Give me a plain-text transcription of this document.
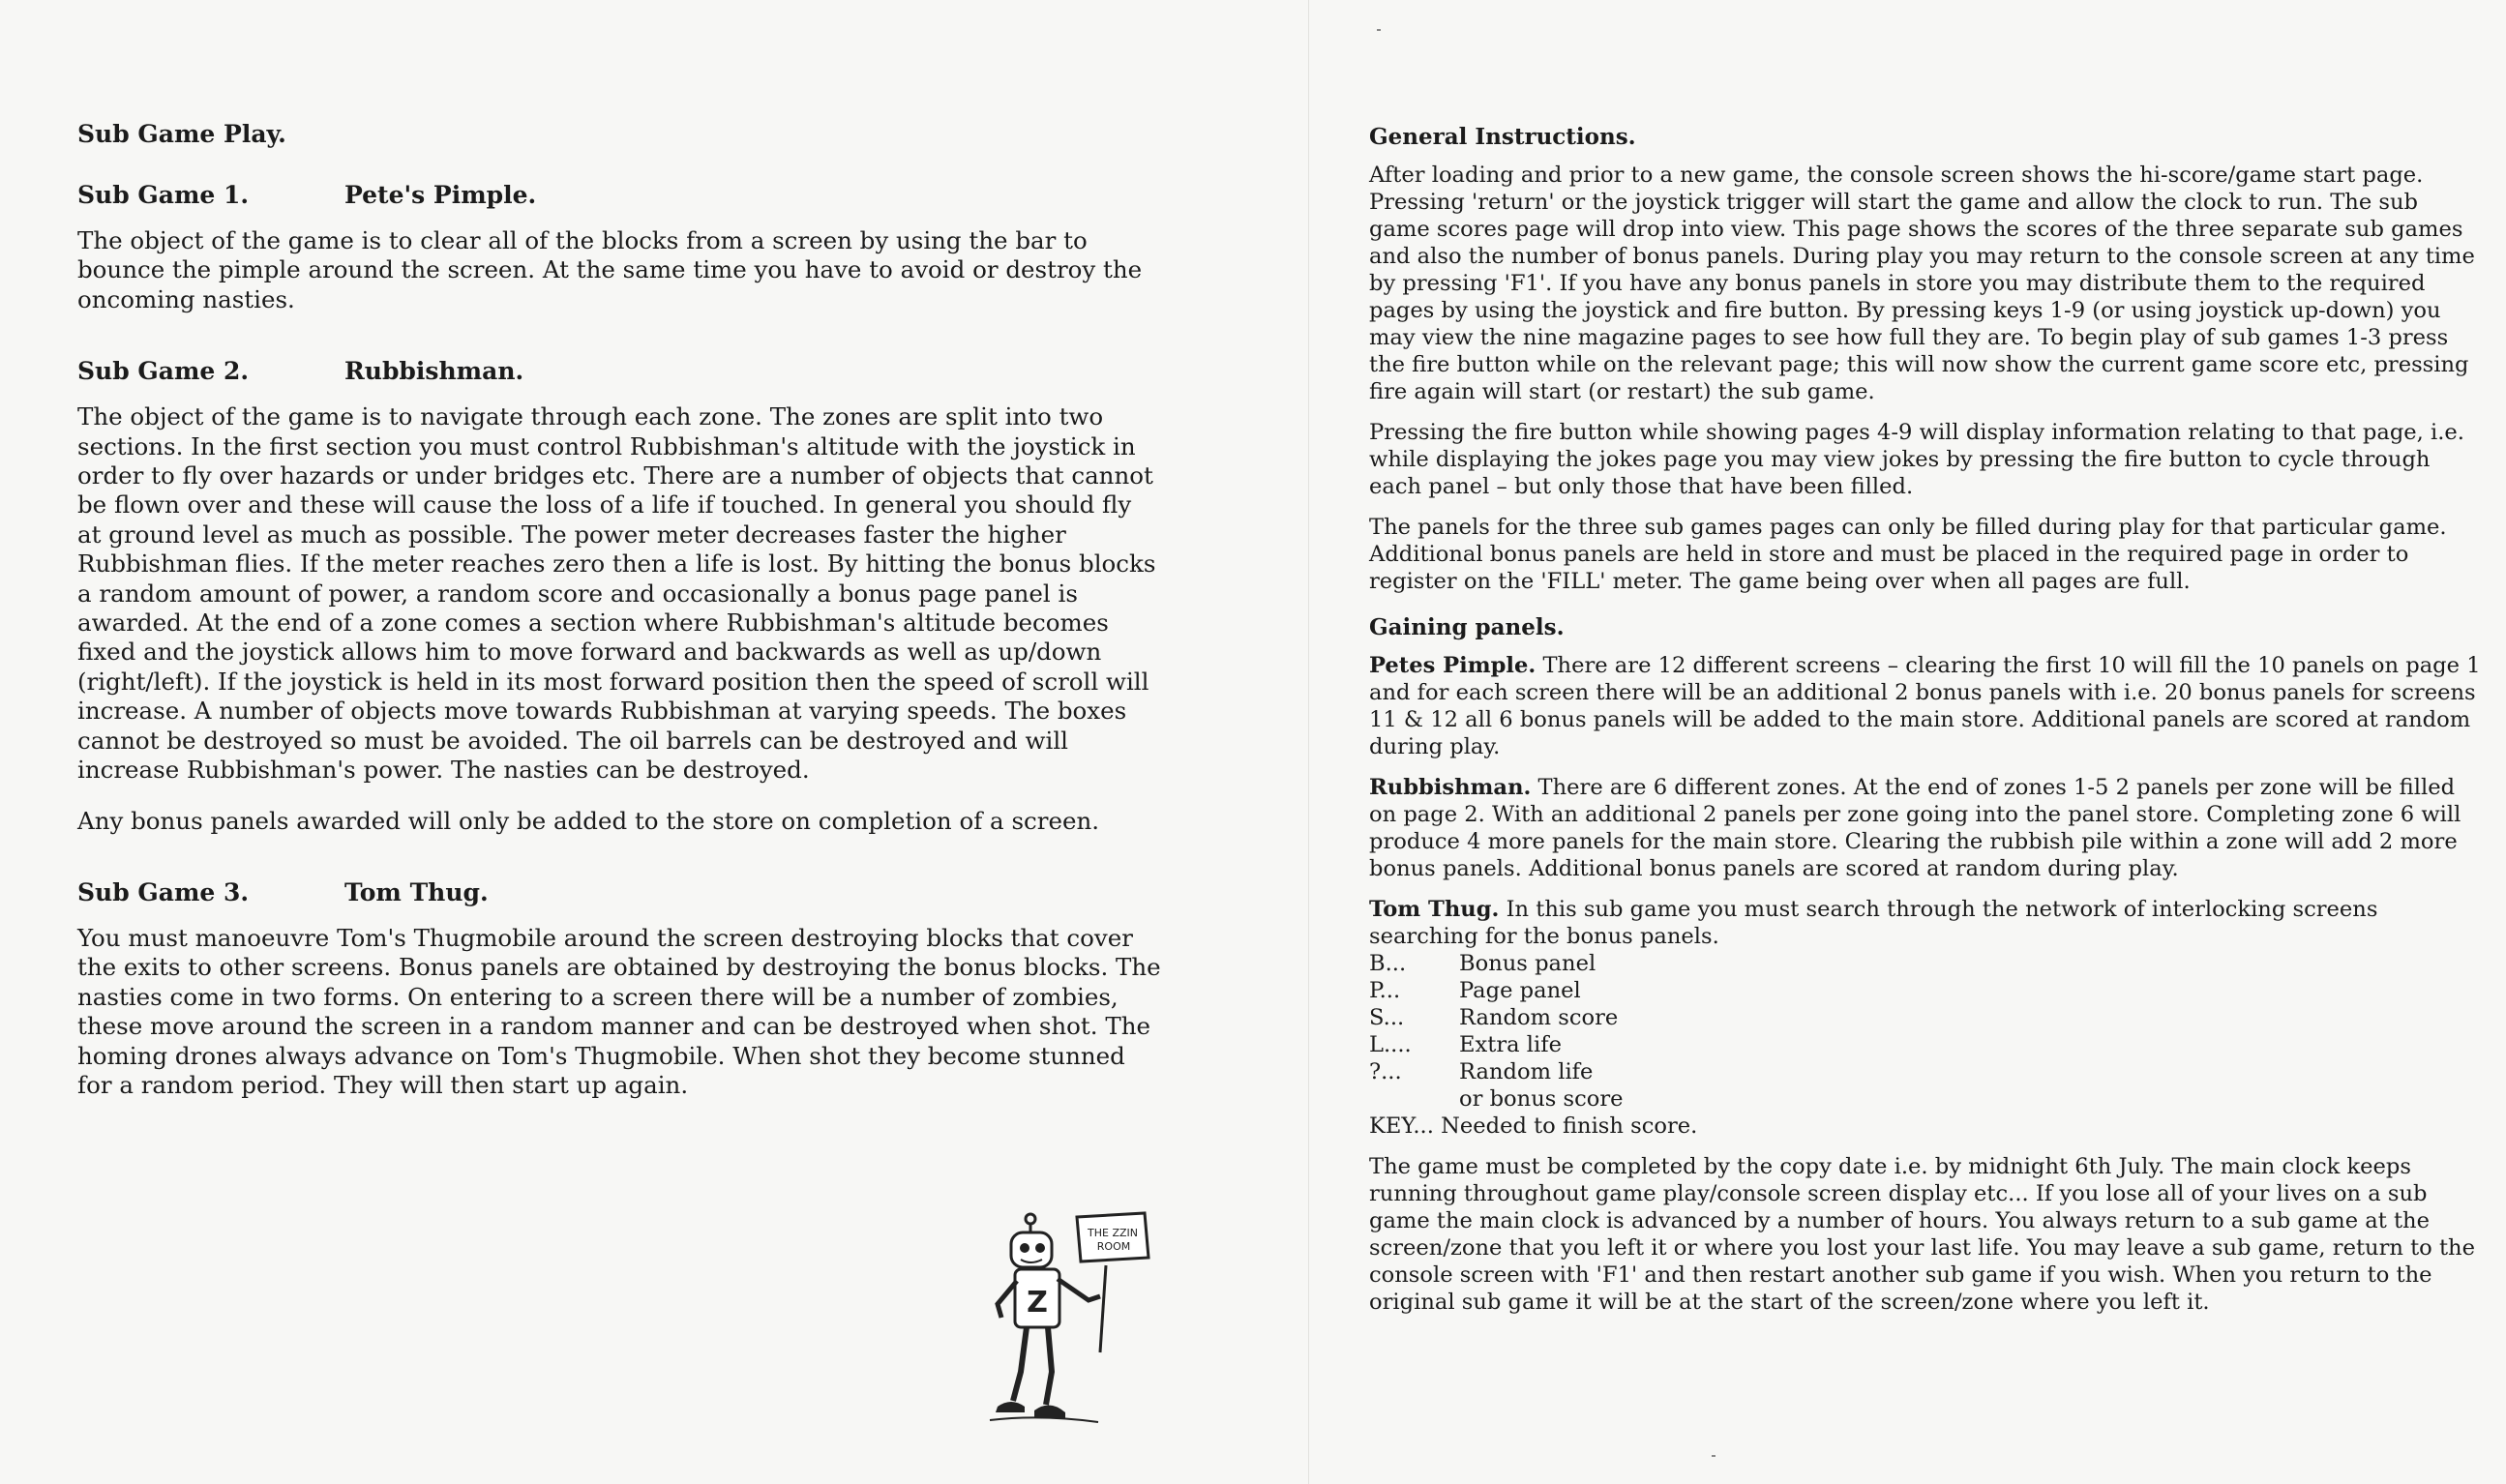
Sub Game Play.
Sub Game 1.	Pete's Pimple.

The object of the game is to clear all of the blocks from a screen by using the bar to bounce the pimple around the screen. At the same time you have to avoid or destroy the oncoming nasties.

Sub Game 2.	Rubbishman.

The object of the game is to navigate through each zone. The zones are split into two sections. In the first section you must control Rubbishman's altitude with the joystick in order to fly over hazards or under bridges etc. There are a number of objects that cannot be flown over and these will cause the loss of a life if touched. In general you should fly at ground level as much as possible. The power meter decreases faster the higher Rubbishman flies. If the meter reaches zero then a life is lost. By hitting the bonus blocks a random amount of power, a random score and occasionally a bonus page panel is awarded. At the end of a zone comes a section where Rubbishman's altitude becomes fixed and the joystick allows him to move forward and backwards as well as up/down (right/left). If the joystick is held in its most forward position then the speed of scroll will increase. A number of objects move towards Rubbishman at varying speeds. The boxes cannot be destroyed so must be avoided. The oil barrels can be destroyed and will increase Rubbishman's power. The nasties can be destroyed.

Any bonus panels awarded will only be added to the store on completion of a screen.

Sub Game 3.	Tom Thug.

You must manoeuvre Tom's Thugmobile around the screen destroying blocks that cover the exits to other screens. Bonus panels are obtained by destroying the bonus blocks. The nasties come in two forms. On entering to a screen there will be a number of zombies, these move around the screen in a random manner and can be destroyed when shot. The homing drones always advance on Tom's Thugmobile. When shot they become stunned for a random period. They will then start up again.

THE ZZIN
ROOM
Z
General Instructions.

After loading and prior to a new game, the console screen shows the hi-score/game start page. Pressing 'return' or the joystick trigger will start the game and allow the clock to run. The sub game scores page will drop into view. This page shows the scores of the three separate sub games and also the number of bonus panels. During play you may return to the console screen at any time by pressing 'F1'. If you have any bonus panels in store you may distribute them to the required pages by using the joystick and fire button. By pressing keys 1-9 (or using joystick up-down) you may view the nine magazine pages to see how full they are. To begin play of sub games 1-3 press the fire button while on the relevant page; this will now show the current game score etc, pressing fire again will start (or restart) the sub game.

Pressing the fire button while showing pages 4-9 will display information relating to that page, i.e. while displaying the jokes page you may view jokes by pressing the fire button to cycle through each panel – but only those that have been filled.

The panels for the three sub games pages can only be filled during play for that particular game. Additional bonus panels are held in store and must be placed in the required page in order to register on the 'FILL' meter. The game being over when all pages are full.

Gaining panels.

Petes Pimple. There are 12 different screens – clearing the first 10 will fill the 10 panels on page 1 and for each screen there will be an additional 2 bonus panels with i.e. 20 bonus panels for screens 11 & 12 all 6 bonus panels will be added to the main store. Additional panels are scored at random during play.

Rubbishman. There are 6 different zones. At the end of zones 1-5 2 panels per zone will be filled on page 2. With an additional 2 panels per zone going into the panel store. Completing zone 6 will produce 4 more panels for the main store. Clearing the rubbish pile within a zone will add 2 more bonus panels. Additional bonus panels are scored at random during play.

Tom Thug. In this sub game you must search through the network of interlocking screens searching for the bonus panels.

B...	Bonus panel
P...	Page panel
S...	Random score
L....	Extra life
?...	Random life
or bonus score
KEY... Needed to finish score.

The game must be completed by the copy date i.e. by midnight 6th July. The main clock keeps running throughout game play/console screen display etc... If you lose all of your lives on a sub game the main clock is advanced by a number of hours. You always return to a sub game at the screen/zone that you left it or where you lost your last life. You may leave a sub game, return to the console screen with 'F1' and then restart another sub game if you wish. When you return to the original sub game it will be at the start of the screen/zone where you left it.
